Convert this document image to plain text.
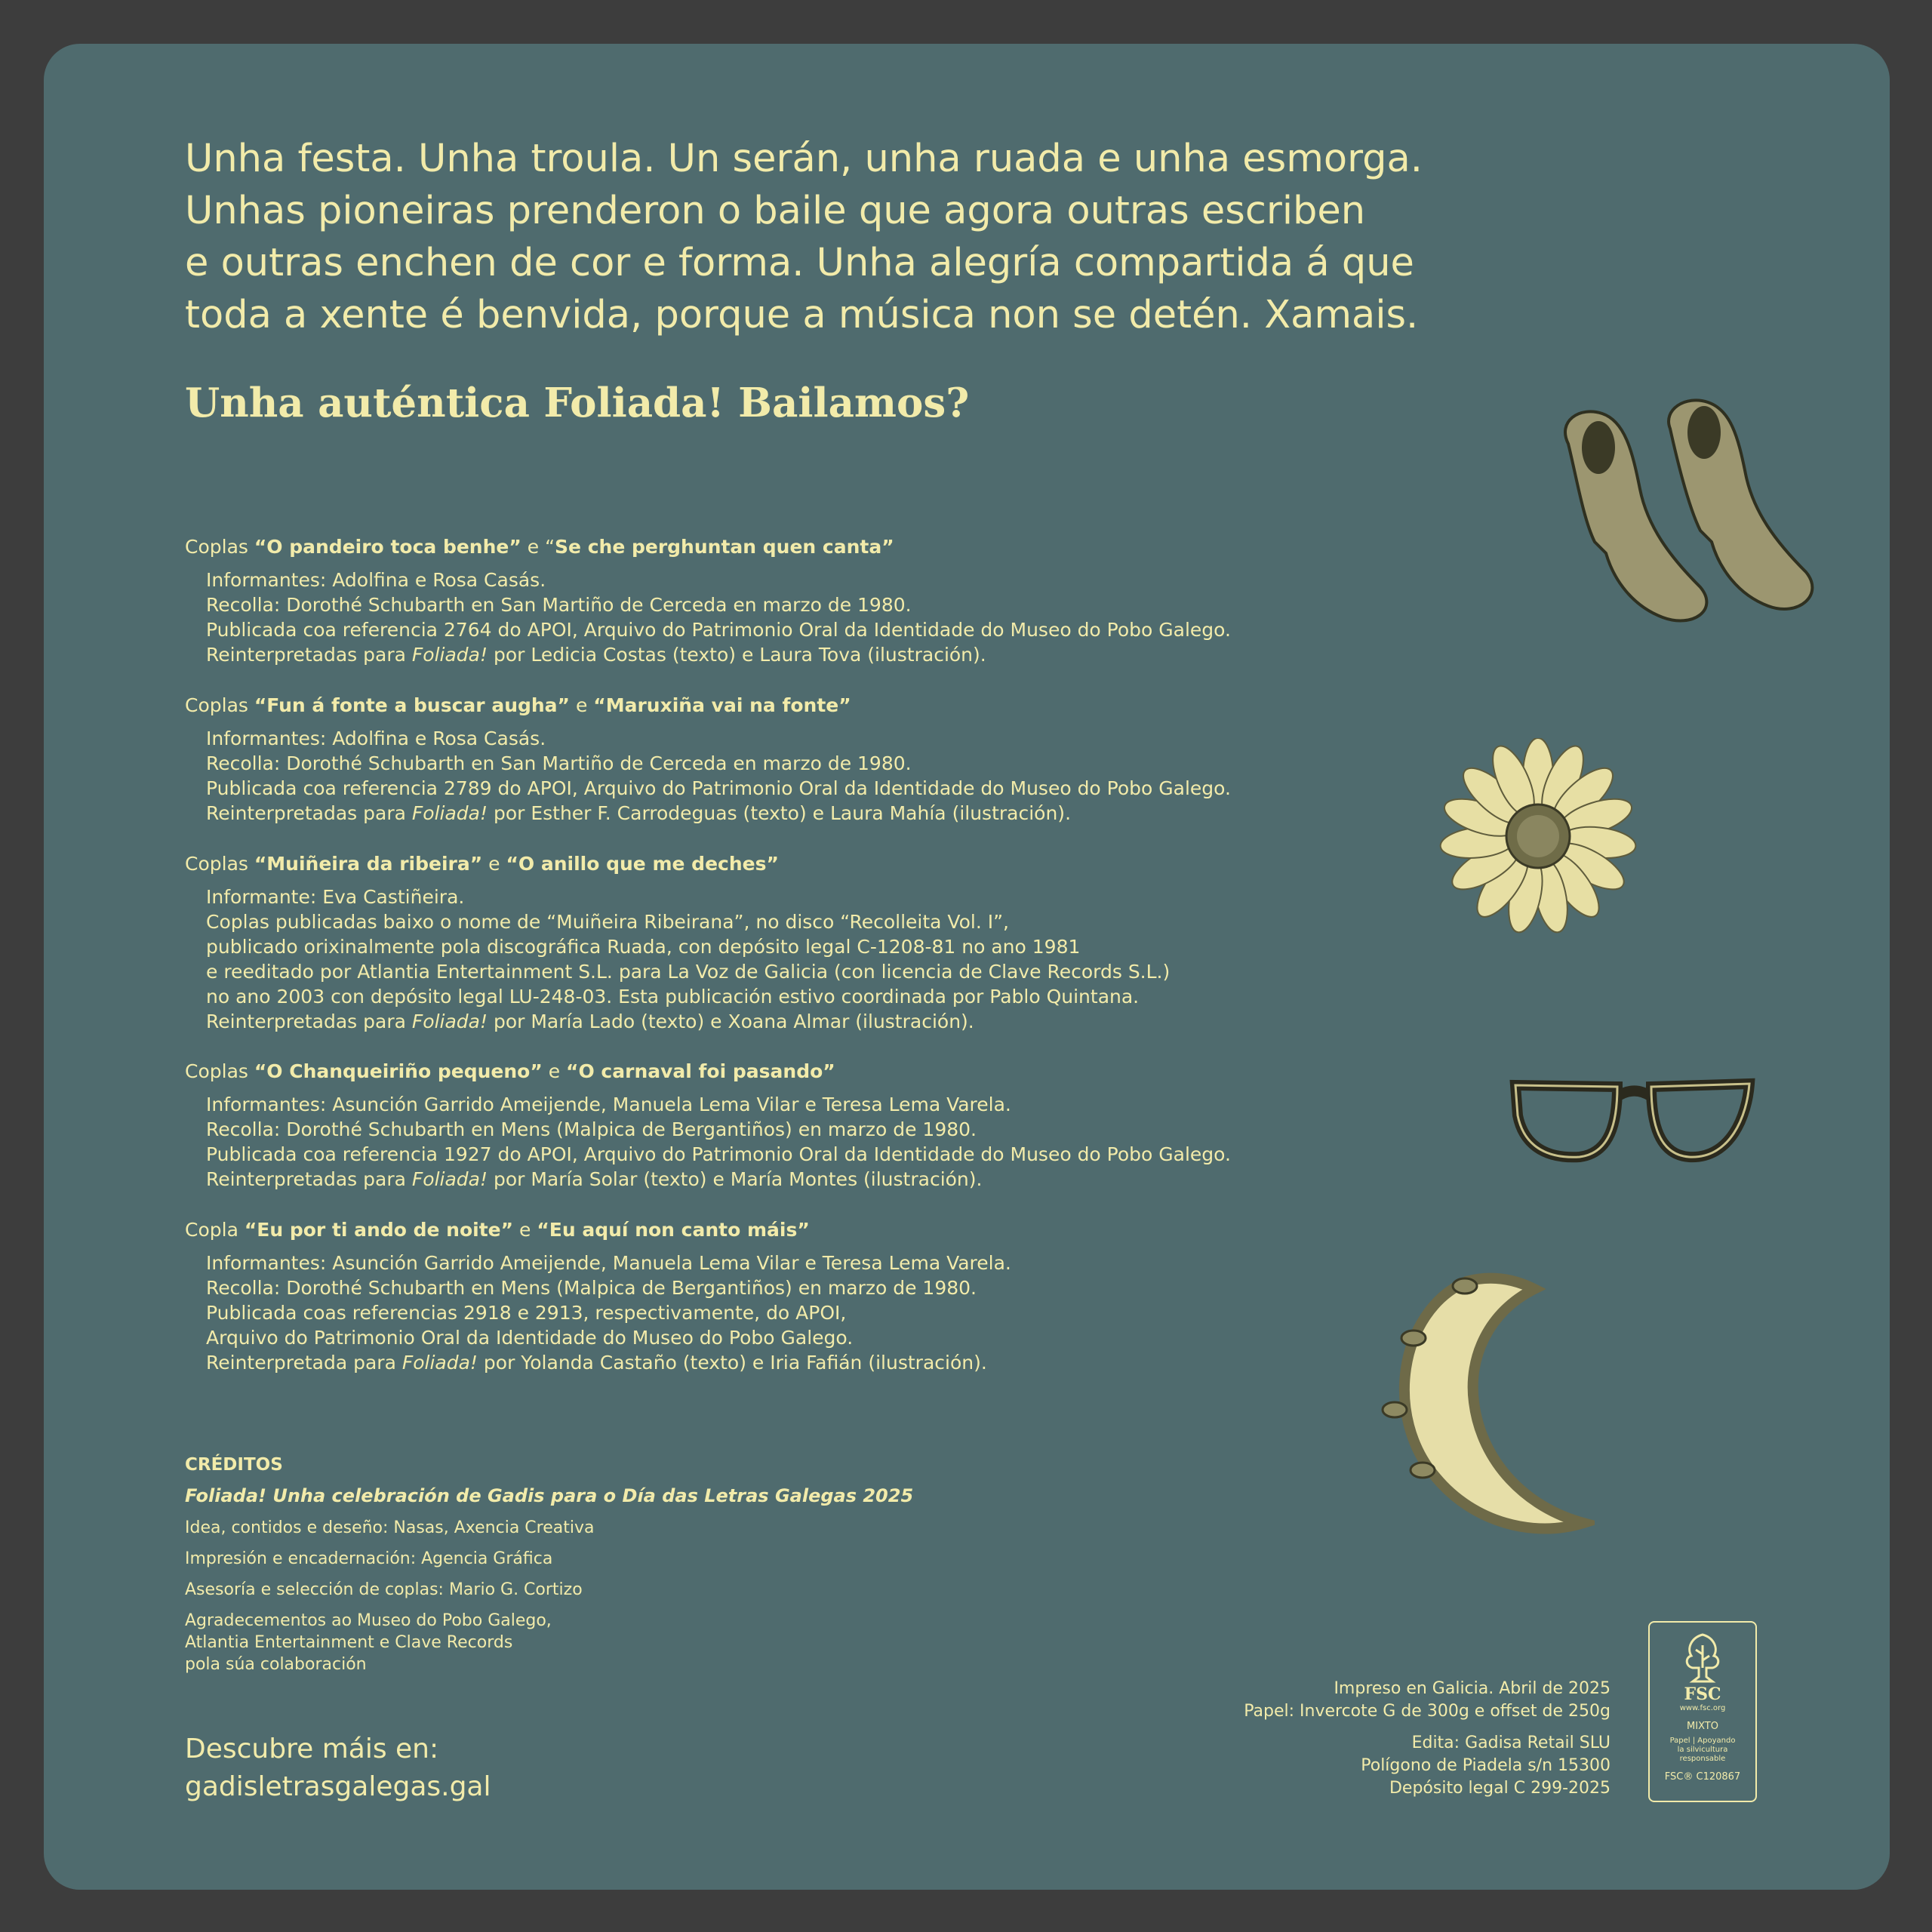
Unha festa. Unha troula. Un serán, unha ruada e unha esmorga.

Unhas pioneiras prenderon o baile que agora outras escriben

e outras enchen de cor e forma. Unha alegría compartida á que

toda a xente é benvida, porque a música non se detén. Xamais.

Unha auténtica Foliada! Bailamos?

Coplas “O pandeiro toca benhe” e “Se che perghuntan quen canta”

Informantes: Adolfina e Rosa Casás.
Recolla: Dorothé Schubarth en San Martiño de Cerceda en marzo de 1980.
Publicada coa referencia 2764 do APOI, Arquivo do Patrimonio Oral da Identidade do Museo do Pobo Galego.
Reinterpretadas para Foliada! por Ledicia Costas (texto) e Laura Tova (ilustración).

Coplas “Fun á fonte a buscar augha” e “Maruxiña vai na fonte”

Informantes: Adolfina e Rosa Casás.
Recolla: Dorothé Schubarth en San Martiño de Cerceda en marzo de 1980.
Publicada coa referencia 2789 do APOI, Arquivo do Patrimonio Oral da Identidade do Museo do Pobo Galego.
Reinterpretadas para Foliada! por Esther F. Carrodeguas (texto) e Laura Mahía (ilustración).

Coplas “Muiñeira da ribeira” e “O anillo que me deches”

Informante: Eva Castiñeira.
Coplas publicadas baixo o nome de “Muiñeira Ribeirana”, no disco “Recolleita Vol. I”,
publicado orixinalmente pola discográfica Ruada, con depósito legal C-1208-81 no ano 1981
e reeditado por Atlantia Entertainment S.L. para La Voz de Galicia (con licencia de Clave Records S.L.)
no ano 2003 con depósito legal LU-248-03. Esta publicación estivo coordinada por Pablo Quintana.
Reinterpretadas para Foliada! por María Lado (texto) e Xoana Almar (ilustración).

Coplas “O Chanqueiriño pequeno” e “O carnaval foi pasando”

Informantes: Asunción Garrido Ameijende, Manuela Lema Vilar e Teresa Lema Varela.
Recolla: Dorothé Schubarth en Mens (Malpica de Bergantiños) en marzo de 1980.
Publicada coa referencia 1927 do APOI, Arquivo do Patrimonio Oral da Identidade do Museo do Pobo Galego.
Reinterpretadas para Foliada! por María Solar (texto) e María Montes (ilustración).

Copla “Eu por ti ando de noite” e “Eu aquí non canto máis”

Informantes: Asunción Garrido Ameijende, Manuela Lema Vilar e Teresa Lema Varela.
Recolla: Dorothé Schubarth en Mens (Malpica de Bergantiños) en marzo de 1980.
Publicada coas referencias 2918 e 2913, respectivamente, do APOI,
Arquivo do Patrimonio Oral da Identidade do Museo do Pobo Galego.
Reinterpretada para Foliada! por Yolanda Castaño (texto) e Iria Fafián (ilustración).

CRÉDITOS

Foliada! Unha celebración de Gadis para o Día das Letras Galegas 2025

Idea, contidos e deseño: Nasas, Axencia Creativa

Impresión e encadernación: Agencia Gráfica

Asesoría e selección de coplas: Mario G. Cortizo

Agradecementos ao Museo do Pobo Galego,
Atlantia Entertainment e Clave Records
pola súa colaboración
Descubre máis en:
gadisletrasgalegas.gal
Impreso en Galicia. Abril de 2025
Papel: Invercote G de 300g e offset de 250g
Edita: Gadisa Retail SLU
Polígono de Piadela s/n 15300
Depósito legal C 299-2025
FSC
www.fsc.org
MIXTO
Papel | Apoyando
la silvicultura
responsable
FSC® C120867
